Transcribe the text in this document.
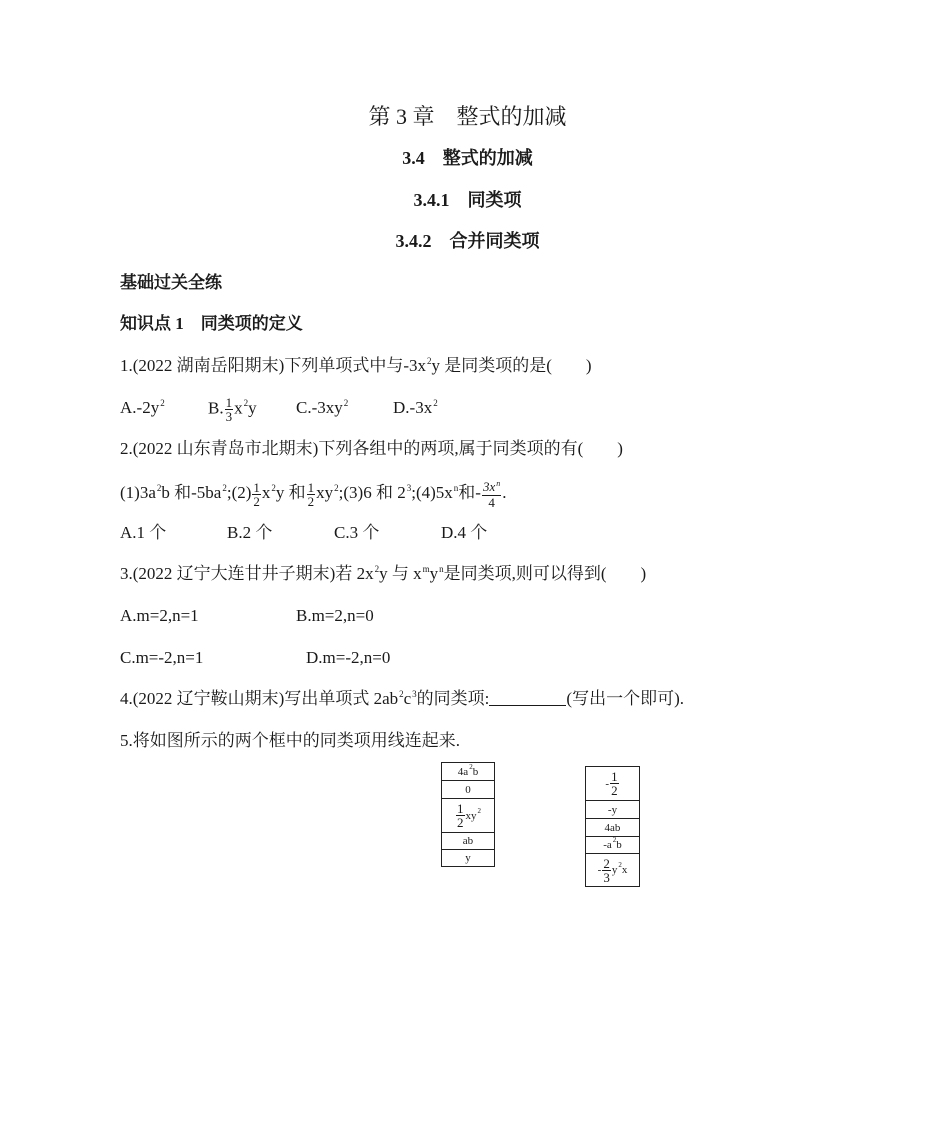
第 3 章　整式的加减
3.4　整式的加减
3.4.1　同类项
3.4.2　合并同类项
基础过关全练
知识点 1　同类项的定义
1.(2022 湖南岳阳期末)下列单项式中与$-3x^2y$ 是同类项的是(　　)
$A.-2y^2$	B. $\frac{1}{3} x^2y$ $C.-3xy^2$	$D.-3x^2$
2.(2022 山东青岛市北期末)下列各组中的两项,属于同类项的有(　　)
$(1)3a^2b$ 和$-5ba^2;(2) \frac{1}{2} x^2y$ 和 $\frac{1}{2}$ $xy^2;(3)6$ 和 $2^3;(4)5x^n$和- $\frac{3x^n}{4}$ .
A.1 个	B.2 个	C.3 个	D.4 个
3.(2022 辽宁大连甘井子期末)若 $2x^2y$ 与 $x^my^n$是同类项,则可以得到(　　)
A.m=2,n=1	B.m=2,n=0
C.m=-2,n=1	D.m=-2,n=0
4.(2022 辽宁鞍山期末)写出单项式 $2ab^2c^3$的同类项:	(写出一个即可).
5.将如图所示的两个框中的同类项用线连起来.
4a 2 b
0
$\frac{1}{2}$ xy 2
ab
y
- $\frac{1}{2}$
-y
4ab
-a 2 b
- $\frac{2}{3}$ y 2 x
